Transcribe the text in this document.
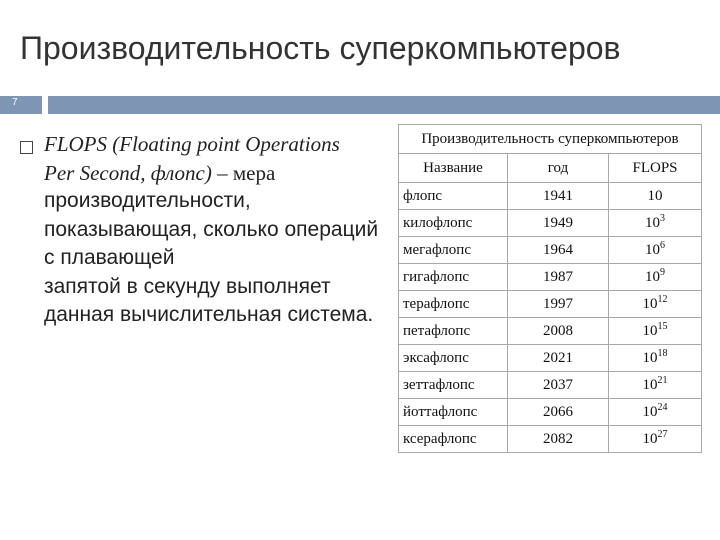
Производительность суперкомпьютеров
7
FLOPS (Floating point Operations
Per Second, флопс) – мера
производительности,
показывающая, сколько операций
с плавающей
запятой в секунду выполняет
данная вычислительная система.
Производительность суперкомпьютеров		
Название	год	FLOPS
флопс	1941	10
килофлопс	1949	$10^3$
мегафлопс	1964	$10^6$
гигафлопс	1987	$10^9$
терафлопс	1997	$10^{12}$
петафлопс	2008	$10^{15}$
эксафлопс	2021	$10^{18}$
зеттафлопс	2037	$10^{21}$
йоттафлопс	2066	$10^{24}$
ксерафлопс	2082	$10^{27}$
